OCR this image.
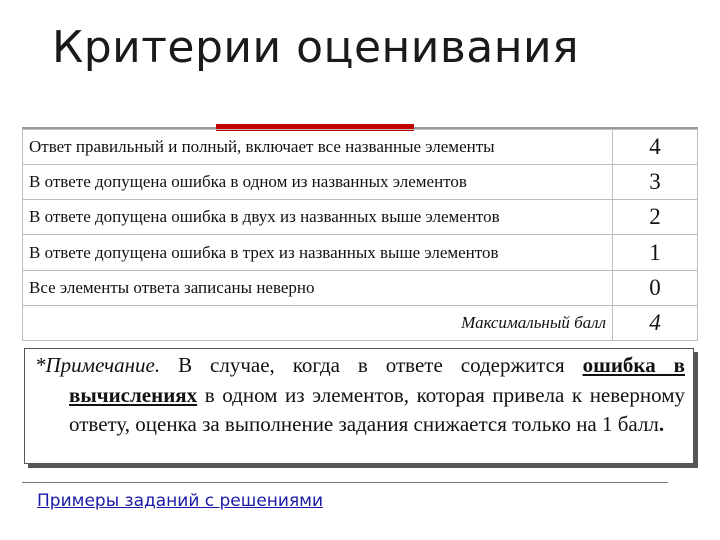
Критерии оценивания
Ответ правильный и полный, включает все названные элементы	4
В ответе допущена ошибка в одном из названных элементов	3
В ответе допущена ошибка в двух из названных выше элементов	2
В ответе допущена ошибка в трех из названных выше элементов	1
Все элементы ответа записаны неверно	0
Максимальный балл	4
*Примечание. В случае, когда в ответе содержится ошибка в вычислениях в одном из элементов, которая привела к неверному ответу, оценка за выполнение задания снижается только на 1 балл.
Примеры заданий с решениями
